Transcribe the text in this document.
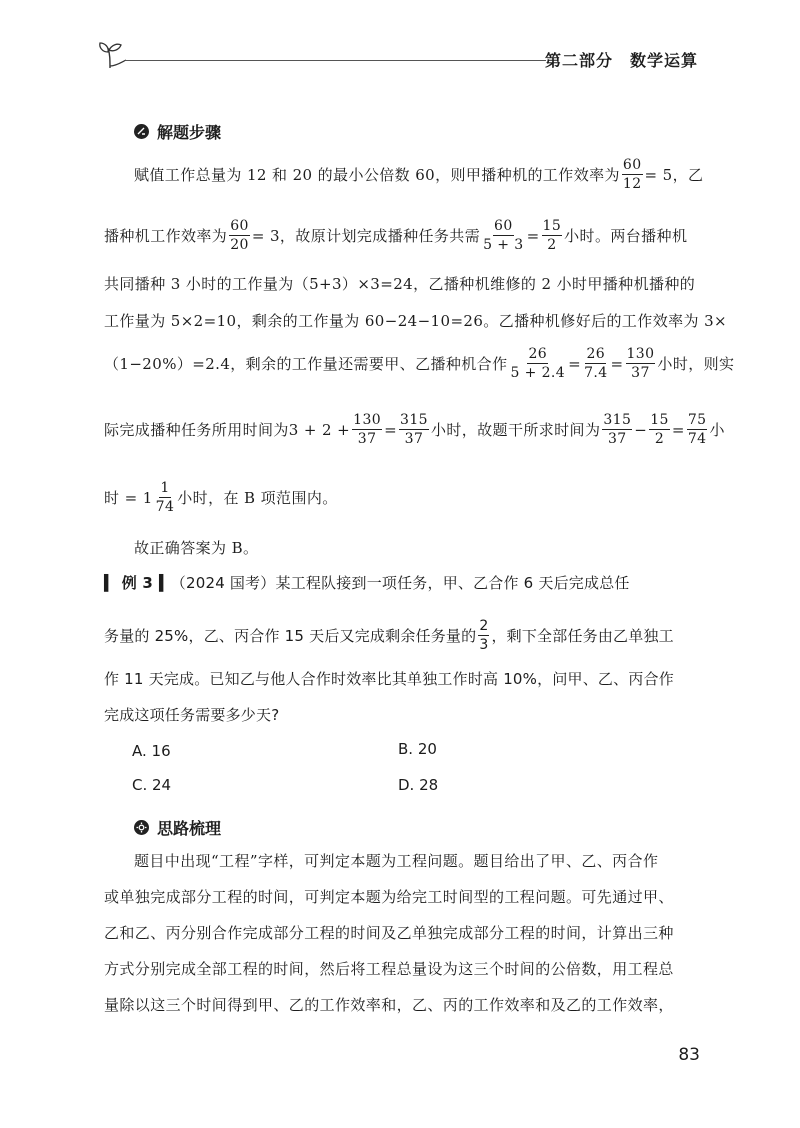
第二部分　数学运算
解题步骤
赋值工作总量为 12 和 20 的最小公倍数 60，则甲播种机的工作效率为 $\frac{60}{12} = 5$，乙
播种机工作效率为 $\frac{60}{20} = 3$，故原计划完成播种任务共需 $\frac{60}{5 + 3} = \frac{15}{2}$ 小时。两台播种机
共同播种 3 小时的工作量为（5+3）×3=24，乙播种机维修的 2 小时甲播种机播种的
工作量为 5×2=10，剩余的工作量为 60−24−10=26。乙播种机修好后的工作效率为 3×
（1−20%）=2.4，剩余的工作量还需要甲、乙播种机合作 $\frac{26}{5 + 2.4} = \frac{26}{7.4} = \frac{130}{37}$ 小时，则实
际完成播种任务所用时间为$3 + 2 + \frac{130}{37} = \frac{315}{37}$ 小时，故题干所求时间为 $\frac{315}{37} - \frac{15}{2} = \frac{75}{74}$ 小
时 = $1 \frac{1}{74}$ 小时，在 B 项范围内。
故正确答案为 B。
▍ 例 3 ▍ （2024 国考）某工程队接到一项任务，甲、乙合作 6 天后完成总任
务量的 25%，乙、丙合作 15 天后又完成剩余任务量的 $\frac{2}{3}$ ，剩下全部任务由乙单独工
作 11 天完成。已知乙与他人合作时效率比其单独工作时高 10%，问甲、乙、丙合作
完成这项任务需要多少天?
A. 16	B. 20
C. 24	D. 28
思路梳理
题目中出现“工程”字样，可判定本题为工程问题。题目给出了甲、乙、丙合作
或单独完成部分工程的时间，可判定本题为给完工时间型的工程问题。可先通过甲、
乙和乙、丙分别合作完成部分工程的时间及乙单独完成部分工程的时间，计算出三种
方式分别完成全部工程的时间，然后将工程总量设为这三个时间的公倍数，用工程总
量除以这三个时间得到甲、乙的工作效率和，乙、丙的工作效率和及乙的工作效率，
83
